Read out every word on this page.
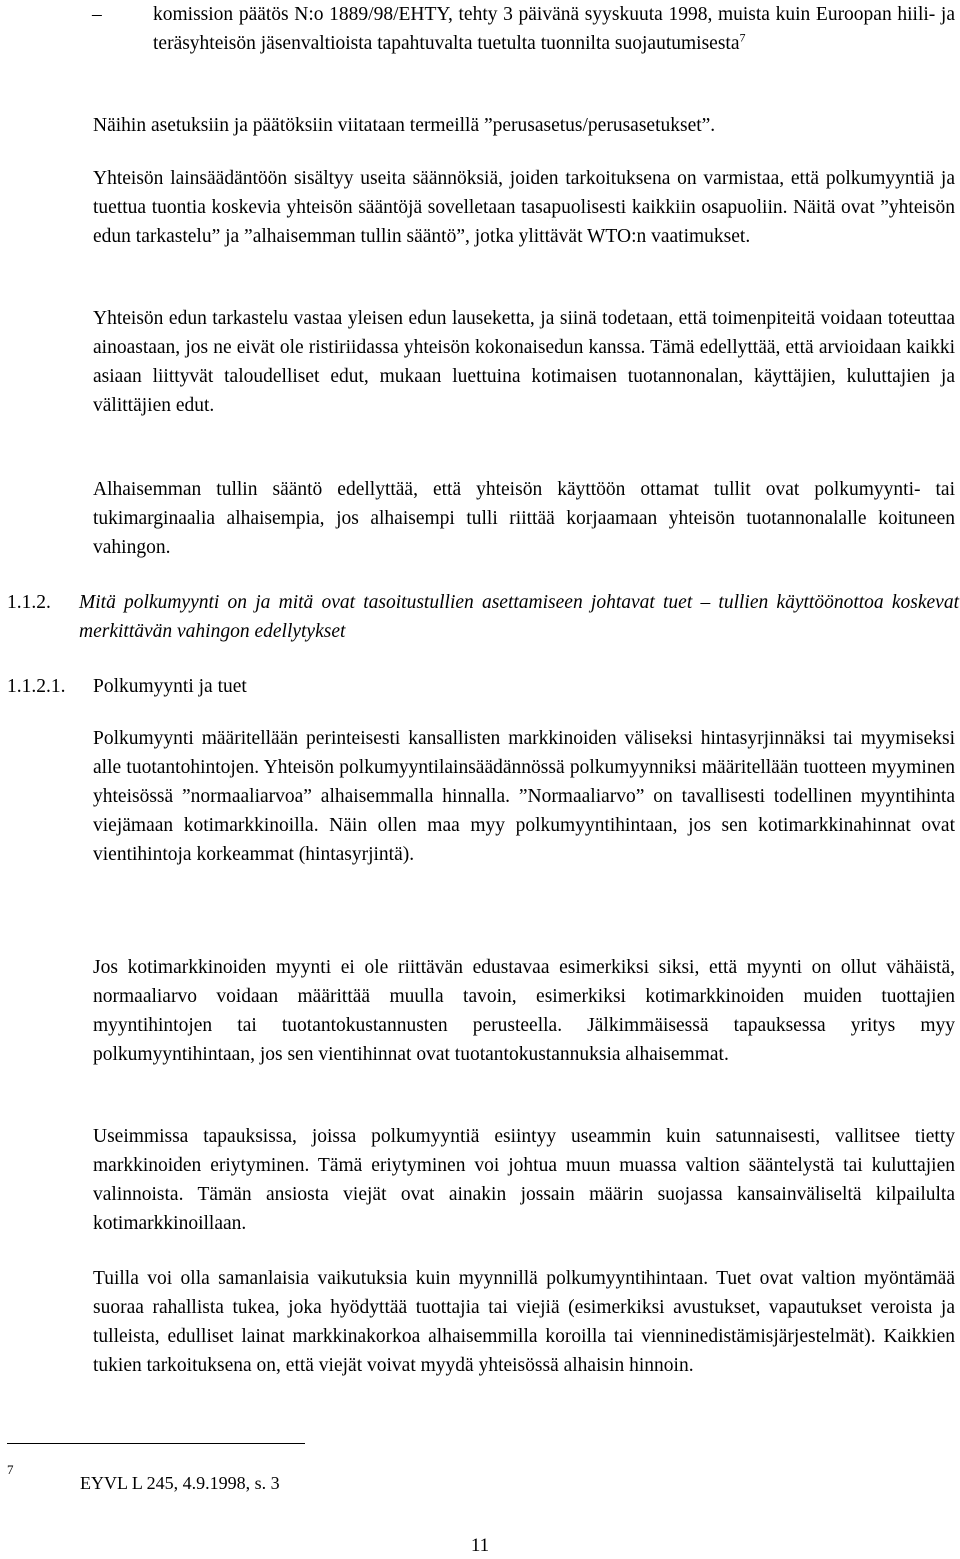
–	komission päätös N:o 1889/98/EHTY, tehty 3 päivänä syyskuuta 1998, muista kuin Euroopan hiili- ja teräsyhteisön jäsenvaltioista tapahtuvalta tuetulta tuonnilta suojautumisesta$^7$

Näihin asetuksiin ja päätöksiin viitataan termeillä ”perusasetus/perusasetukset”.

Yhteisön lainsäädäntöön sisältyy useita säännöksiä, joiden tarkoituksena on varmistaa, että polkumyyntiä ja tuettua tuontia koskevia yhteisön sääntöjä sovelletaan tasapuolisesti kaikkiin osapuoliin. Näitä ovat ”yhteisön edun tarkastelu” ja ”alhaisemman tullin sääntö”, jotka ylittävät WTO:n vaatimukset.

Yhteisön edun tarkastelu vastaa yleisen edun lauseketta, ja siinä todetaan, että toimenpiteitä voidaan toteuttaa ainoastaan, jos ne eivät ole ristiriidassa yhteisön kokonaisedun kanssa. Tämä edellyttää, että arvioidaan kaikki asiaan liittyvät taloudelliset edut, mukaan luettuina kotimaisen tuotannonalan, käyttäjien, kuluttajien ja välittäjien edut.

Alhaisemman tullin sääntö edellyttää, että yhteisön käyttöön ottamat tullit ovat polkumyynti- tai tukimarginaalia alhaisempia, jos alhaisempi tulli riittää korjaamaan yhteisön tuotannonalalle koituneen vahingon.

1.1.2. Mitä polkumyynti on ja mitä ovat tasoitustullien asettamiseen johtavat tuet – tullien käyttöönottoa koskevat merkittävän vahingon edellytykset
1.1.2.1. Polkumyynti ja tuet

Polkumyynti määritellään perinteisesti kansallisten markkinoiden väliseksi hintasyrjinnäksi tai myymiseksi alle tuotantohintojen. Yhteisön polkumyyntilainsäädännössä polkumyynniksi määritellään tuotteen myyminen yhteisössä ”normaaliarvoa” alhaisemmalla hinnalla. ”Normaaliarvo” on tavallisesti todellinen myyntihinta viejämaan kotimarkkinoilla. Näin ollen maa myy polkumyyntihintaan, jos sen kotimarkkinahinnat ovat vientihintoja korkeammat (hintasyrjintä).

Jos kotimarkkinoiden myynti ei ole riittävän edustavaa esimerkiksi siksi, että myynti on ollut vähäistä, normaaliarvo voidaan määrittää muulla tavoin, esimerkiksi kotimarkkinoiden muiden tuottajien myyntihintojen tai tuotantokustannusten perusteella. Jälkimmäisessä tapauksessa yritys myy polkumyyntihintaan, jos sen vientihinnat ovat tuotantokustannuksia alhaisemmat.

Useimmissa tapauksissa, joissa polkumyyntiä esiintyy useammin kuin satunnaisesti, vallitsee tietty markkinoiden eriytyminen. Tämä eriytyminen voi johtua muun muassa valtion sääntelystä tai kuluttajien valinnoista. Tämän ansiosta viejät ovat ainakin jossain määrin suojassa kansainväliseltä kilpailulta kotimarkkinoillaan.

Tuilla voi olla samanlaisia vaikutuksia kuin myynnillä polkumyyntihintaan. Tuet ovat valtion myöntämää suoraa rahallista tukea, joka hyödyttää tuottajia tai viejiä (esimerkiksi avustukset, vapautukset veroista ja tulleista, edulliset lainat markkinakorkoa alhaisemmilla koroilla tai vienninedistämisjärjestelmät). Kaikkien tukien tarkoituksena on, että viejät voivat myydä yhteisössä alhaisin hinnoin.

7
EYVL L 245, 4.9.1998, s. 3
11
